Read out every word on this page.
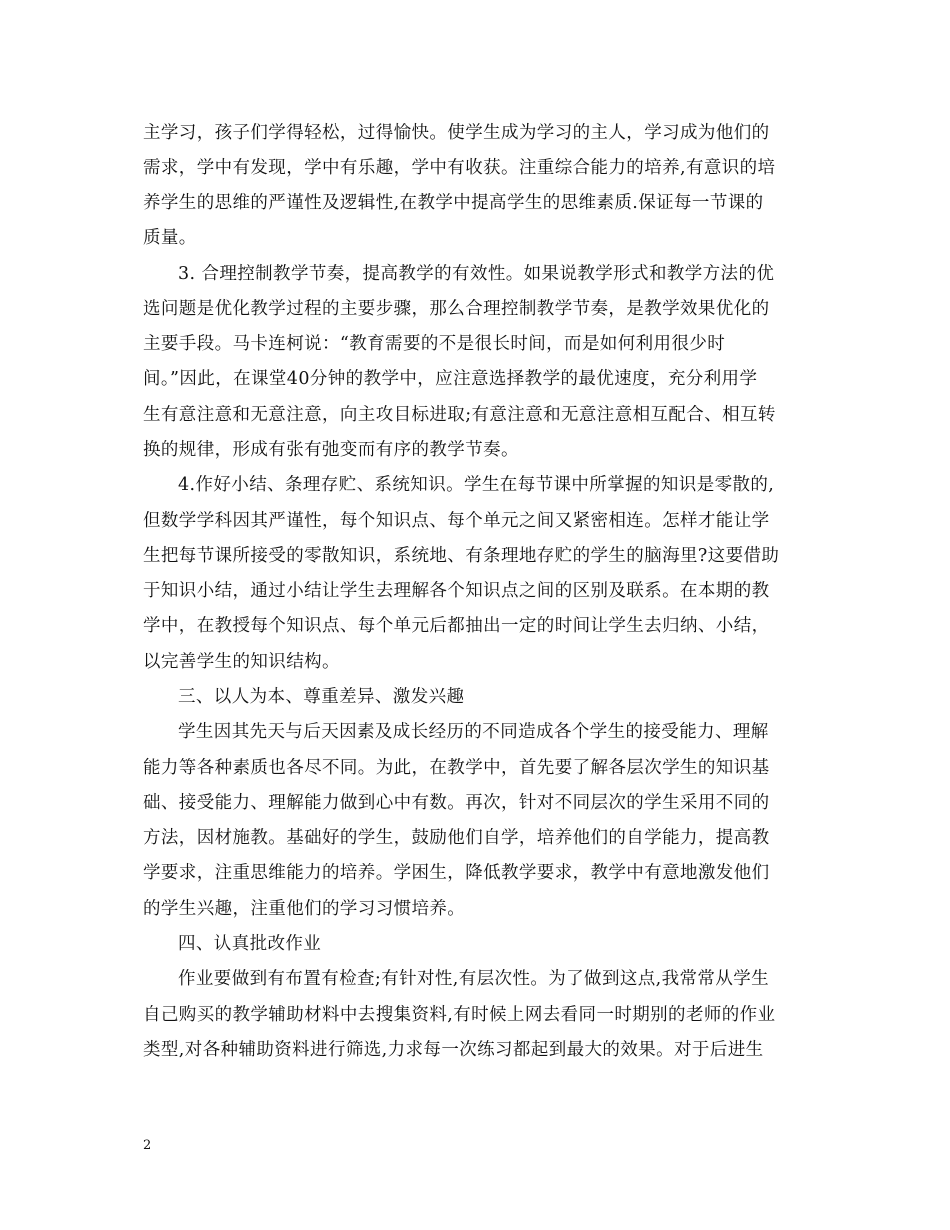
主学习，孩子们学得轻松，过得愉快。使学生成为学习的主人，学习成为他们的
需求，学中有发现，学中有乐趣，学中有收获。注重综合能力的培养,有意识的培
养学生的思维的严谨性及逻辑性,在教学中提高学生的思维素质.保证每一节课的
质量。
3. 合理控制教学节奏，提高教学的有效性。如果说教学形式和教学方法的优
选问题是优化教学过程的主要步骤，那么合理控制教学节奏，是教学效果优化的
主要手段。马卡连柯说：“教育需要的不是很长时间，而是如何利用很少时
间。”因此，在课堂40分钟的教学中，应注意选择教学的最优速度，充分利用学
生有意注意和无意注意，向主攻目标进取;有意注意和无意注意相互配合、相互转
换的规律，形成有张有弛变而有序的教学节奏。
4.作好小结、条理存贮、系统知识。学生在每节课中所掌握的知识是零散的,
但数学学科因其严谨性，每个知识点、每个单元之间又紧密相连。怎样才能让学
生把每节课所接受的零散知识，系统地、有条理地存贮的学生的脑海里?这要借助
于知识小结，通过小结让学生去理解各个知识点之间的区别及联系。在本期的教
学中，在教授每个知识点、每个单元后都抽出一定的时间让学生去归纳、小结，
以完善学生的知识结构。
三、以人为本、尊重差异、激发兴趣
学生因其先天与后天因素及成长经历的不同造成各个学生的接受能力、理解
能力等各种素质也各尽不同。为此，在教学中，首先要了解各层次学生的知识基
础、接受能力、理解能力做到心中有数。再次，针对不同层次的学生采用不同的
方法，因材施教。基础好的学生，鼓励他们自学，培养他们的自学能力，提高教
学要求，注重思维能力的培养。学困生，降低教学要求，教学中有意地激发他们
的学生兴趣，注重他们的学习习惯培养。
四、认真批改作业
作业要做到有布置有检查;有针对性,有层次性。为了做到这点,我常常从学生
自己购买的教学辅助材料中去搜集资料,有时候上网去看同一时期别的老师的作业
类型,对各种辅助资料进行筛选,力求每一次练习都起到最大的效果。对于后进生
2
